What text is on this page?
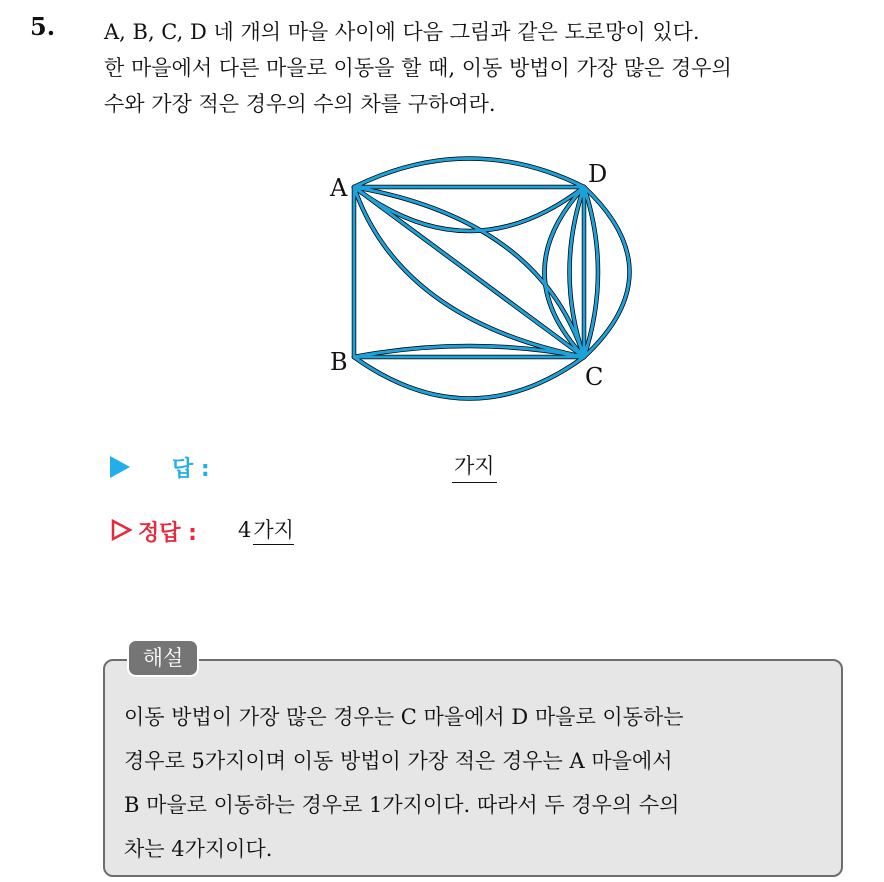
5. A, B, C, D 네 개의 마을 사이에 다음 그림과 같은 도로망이 있다.

한 마을에서 다른 마을로 이동을 할 때, 이동 방법이 가장 많은 경우의

수와 가장 적은 경우의 수의 차를 구하여라.

A
B
C
D
답 :	가지
정답 : 4가지
해설

이동 방법이 가장 많은 경우는 C 마을에서 D 마을로 이동하는

경우로 5가지이며 이동 방법이 가장 적은 경우는 A 마을에서

B 마을로 이동하는 경우로 1가지이다. 따라서 두 경우의 수의

차는 4가지이다.
